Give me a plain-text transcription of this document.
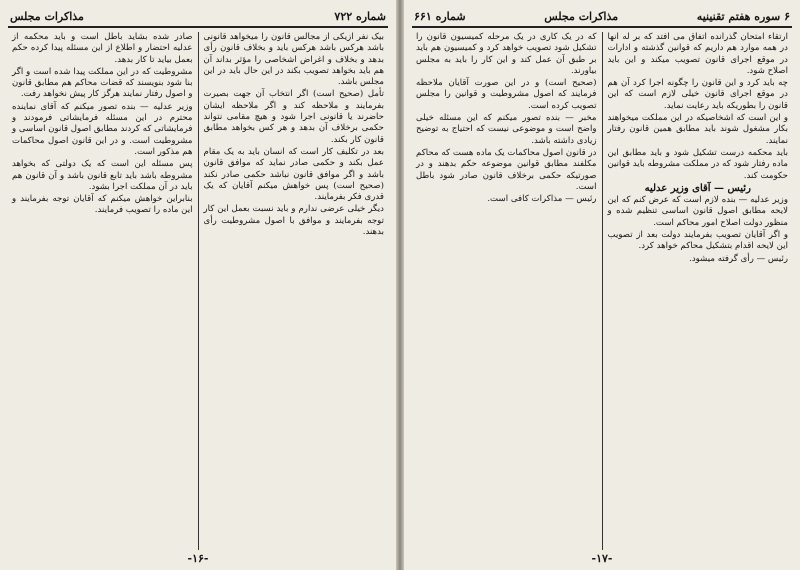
شماره ۷۲۲
مذاكرات مجلس

بیک نفر ازیکی از مجالس قانون را میخواهد قانونی باشد هرکس باشد هرکس باید و بخلاف قانون رأی بدهد و بخلاف و اغراض اشخاصی را مؤثر بداند آن هم باید بخواهد تصویب بکند در این حال باید در این مجلس باشد.

تأمل (صحیح است) اگر انتخاب آن جهت بصیرت بفرمایند و ملاحظه کند و اگر ملاحظه ایشان حاضرند یا قانونی اجرا شود و هیچ مقامی نتواند حکمی برخلاف آن بدهد و هر کس بخواهد مطابق قانون کار بکند.

بعد در تکلیف کار است که انسان باید به یک مقام عمل بکند و حکمی صادر نماید که موافق قانون باشد و اگر موافق قانون نباشد حکمی صادر نکند (صحیح است) پس خواهش میکنم آقایان که یک قدری فکر بفرمایند.

دیگر خیلی عرضی ندارم و باید نسبت بعمل این کار توجه بفرمایند و موافق با اصول مشروطیت رأی بدهند.

صادر شده بشاید باطل است و باید محکمه از عدلیه احتضار و اطلاع از این مسئله پیدا کرده حکم بعمل بیاید تا کار بدهد.

مشروطیت که در این مملکت پیدا شده است و اگر بنا شود بنویسند که قضات محاکم هم مطابق قانون و اصول رفتار نمایند هرگز کار پیش نخواهد رفت.

وزیر عدلیه — بنده تصور میکنم که آقای نماینده محترم در این مسئله فرمایشاتی فرمودند و فرمایشاتی که کردند مطابق اصول قانون اساسی و مشروطیت است. و در این قانون اصول محاکمات هم مذکور است.

پس مسئله این است که یک دولتی که بخواهد مشروطه باشد باید تابع قانون باشد و آن قانون هم باید در آن مملکت اجرا بشود.

بنابراین خواهش میکنم که آقایان توجه بفرمایند و این ماده را تصویب فرمایند.

-۱۶-
۶ سوره هفتم تقنينيه
مذاكرات مجلس
شماره ۶۶۱

ارتقاء امتحان گذرانده اتفاق می افتد که بر له آنها در همه موارد هم داریم که قوانین گذشته و ادارات در موقع اجرای قانون تصویب میکند و این باید اصلاح شود.

چه باید کرد و این قانون را چگونه اجرا کرد آن هم در موقع اجرای قانون خیلی لازم است که این قانون را بطوریکه باید رعایت نماید.

و این است که اشخاصیکه در این مملکت میخواهند بکار مشغول شوند باید مطابق همین قانون رفتار نمایند.

باید محکمه درست تشکیل شود و باید مطابق این ماده رفتار شود که در مملکت مشروطه باید قوانین حکومت کند.

رئیس — آقای وزیر عدلیه

وزیر عدلیه — بنده لازم است که عرض کنم که این لایحه مطابق اصول قانون اساسی تنظیم شده و منظور دولت اصلاح امور محاکم است.

و اگر آقایان تصویب بفرمایند دولت بعد از تصویب این لایحه اقدام بتشکیل محاکم خواهد کرد.

رئیس — رأی گرفته میشود.

که در یک کاری در یک مرحله کمیسیون قانون را تشکیل شود تصویب خواهد کرد و کمیسیون هم باید بر طبق آن عمل کند و این کار را باید به مجلس بیاورند.

(صحیح است) و در این صورت آقایان ملاحظه فرمایند که اصول مشروطیت و قوانین را مجلس تصویب کرده است.

مخبر — بنده تصور میکنم که این مسئله خیلی واضح است و موضوعی نیست که احتیاج به توضیح زیادی داشته باشد.

در قانون اصول محاکمات یک ماده هست که محاکم مکلفند مطابق قوانین موضوعه حکم بدهند و در صورتیکه حکمی برخلاف قانون صادر شود باطل است.

رئیس — مذاکرات کافی است.

-۱۷-
